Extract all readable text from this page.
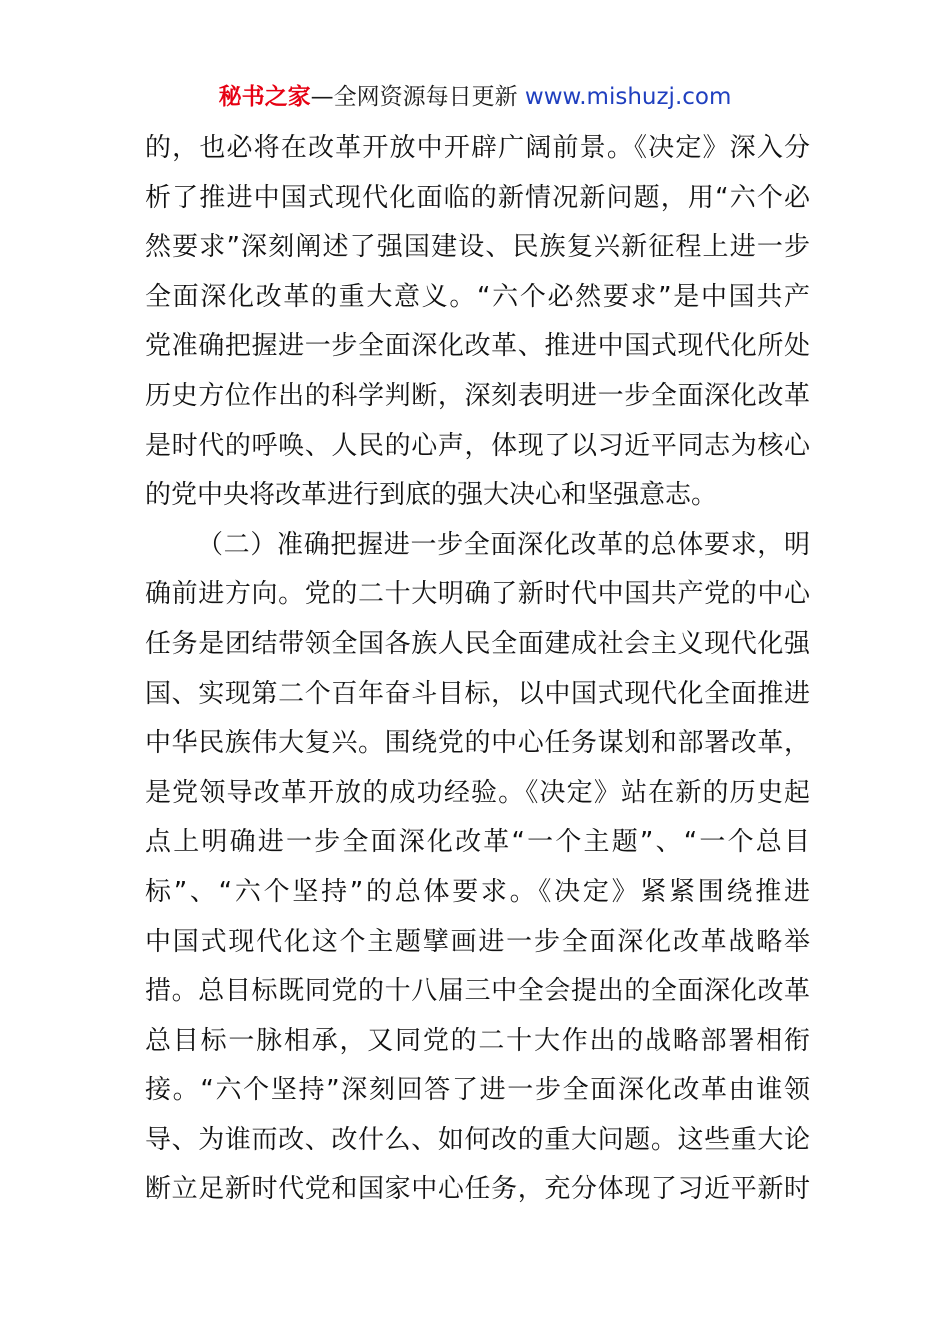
秘书之家—全网资源每日更新 www.mishuzj.com
的，也必将在改革开放中开辟广阔前景。《决定》深入分
析了推进中国式现代化面临的新情况新问题，用“六个必
然要求”深刻阐述了强国建设、民族复兴新征程上进一步
全面深化改革的重大意义。“六个必然要求”是中国共产
党准确把握进一步全面深化改革、推进中国式现代化所处
历史方位作出的科学判断，深刻表明进一步全面深化改革
是时代的呼唤、人民的心声，体现了以习近平同志为核心
的党中央将改革进行到底的强大决心和坚强意志。
（二）准确把握进一步全面深化改革的总体要求，明
确前进方向。党的二十大明确了新时代中国共产党的中心
任务是团结带领全国各族人民全面建成社会主义现代化强
国、实现第二个百年奋斗目标，以中国式现代化全面推进
中华民族伟大复兴。围绕党的中心任务谋划和部署改革，
是党领导改革开放的成功经验。《决定》站在新的历史起
点上明确进一步全面深化改革“一个主题”、“一个总目
标”、“六个坚持”的总体要求。《决定》紧紧围绕推进
中国式现代化这个主题擘画进一步全面深化改革战略举
措。总目标既同党的十八届三中全会提出的全面深化改革
总目标一脉相承，又同党的二十大作出的战略部署相衔
接。“六个坚持”深刻回答了进一步全面深化改革由谁领
导、为谁而改、改什么、如何改的重大问题。这些重大论
断立足新时代党和国家中心任务，充分体现了习近平新时
